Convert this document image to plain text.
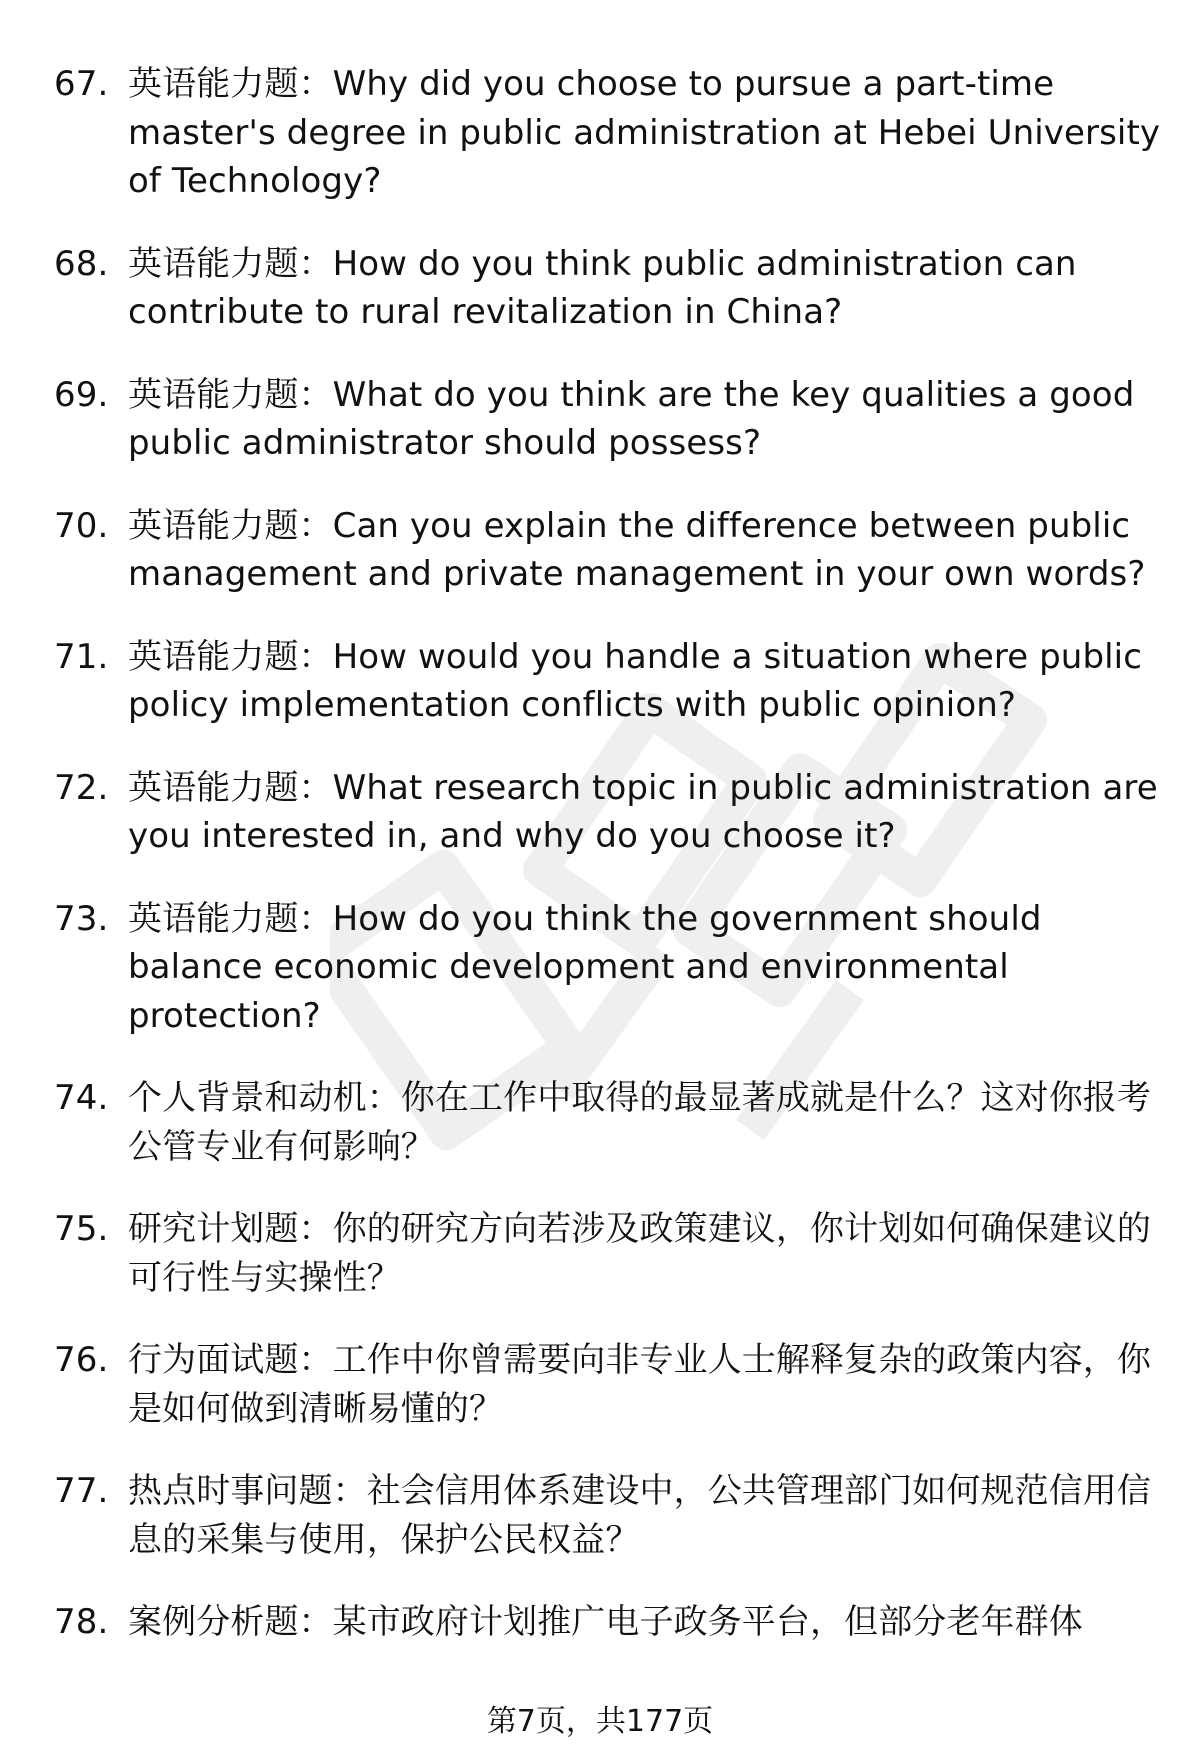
67. 英语能力题：Why did you choose to pursue a part-time master's degree in public administration at Hebei University of Technology?
68. 英语能力题：How do you think public administration can contribute to rural revitalization in China?
69. 英语能力题：What do you think are the key qualities a good public administrator should possess?
70. 英语能力题：Can you explain the difference between public management and private management in your own words?
71. 英语能力题：How would you handle a situation where public policy implementation conflicts with public opinion?
72. 英语能力题：What research topic in public administration are you interested in, and why do you choose it?
73. 英语能力题：How do you think the government should balance economic development and environmental protection?
74. 个人背景和动机：你在工作中取得的最显著成就是什么？这对你报考公管专业有何影响？
75. 研究计划题：你的研究方向若涉及政策建议，你计划如何确保建议的可行性与实操性？
76. 行为面试题：工作中你曾需要向非专业人士解释复杂的政策内容，你是如何做到清晰易懂的？
77. 热点时事问题：社会信用体系建设中，公共管理部门如何规范信用信息的采集与使用，保护公民权益？
78. 案例分析题：某市政府计划推广电子政务平台，但部分老年群体
第7页，共177页
